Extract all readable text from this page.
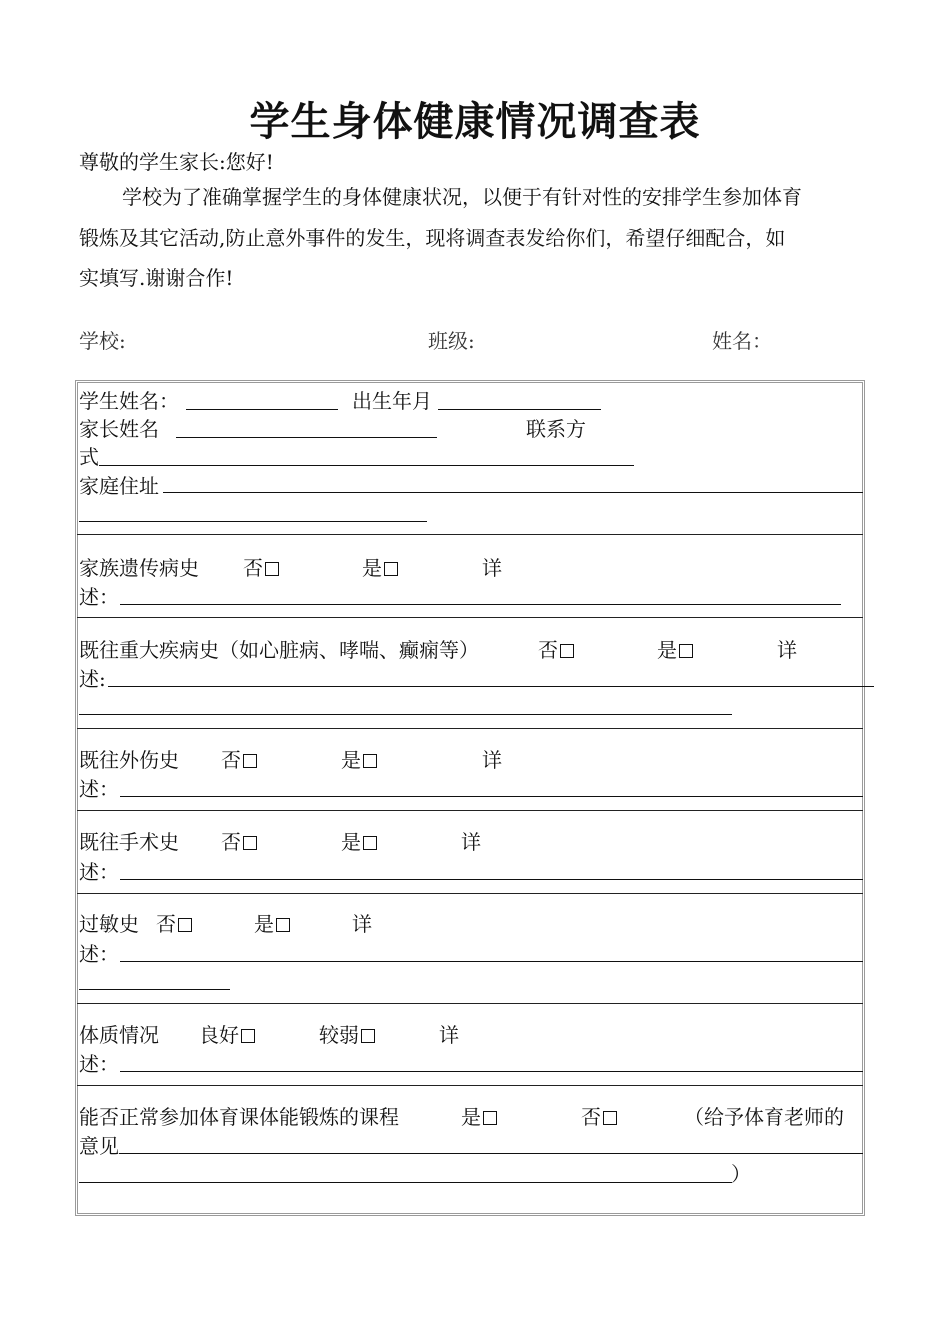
学生身体健康情况调查表
尊敬的学生家长:您好!
学校为了准确掌握学生的身体健康状况，以便于有针对性的安排学生参加体育
锻炼及其它活动,防止意外事件的发生，现将调查表发给你们，希望仔细配合，如
实填写.谢谢合作!
学校:	班级:	姓名：
学生姓名：	出生年月
家长姓名	联系方
式
家庭住址
家族遗传病史 否	是	详
述：
既往重大疾病史（如心脏病、哮喘、癫痫等）	否	是	详
述:
既往外伤史 否	是	详
述：
既往手术史 否	是	详
述：
过敏史 否	是	详
述：
体质情况 良好	较弱	详
述：
能否正常参加体育课体能锻炼的课程	是	否	（给予体育老师的
意见
）
